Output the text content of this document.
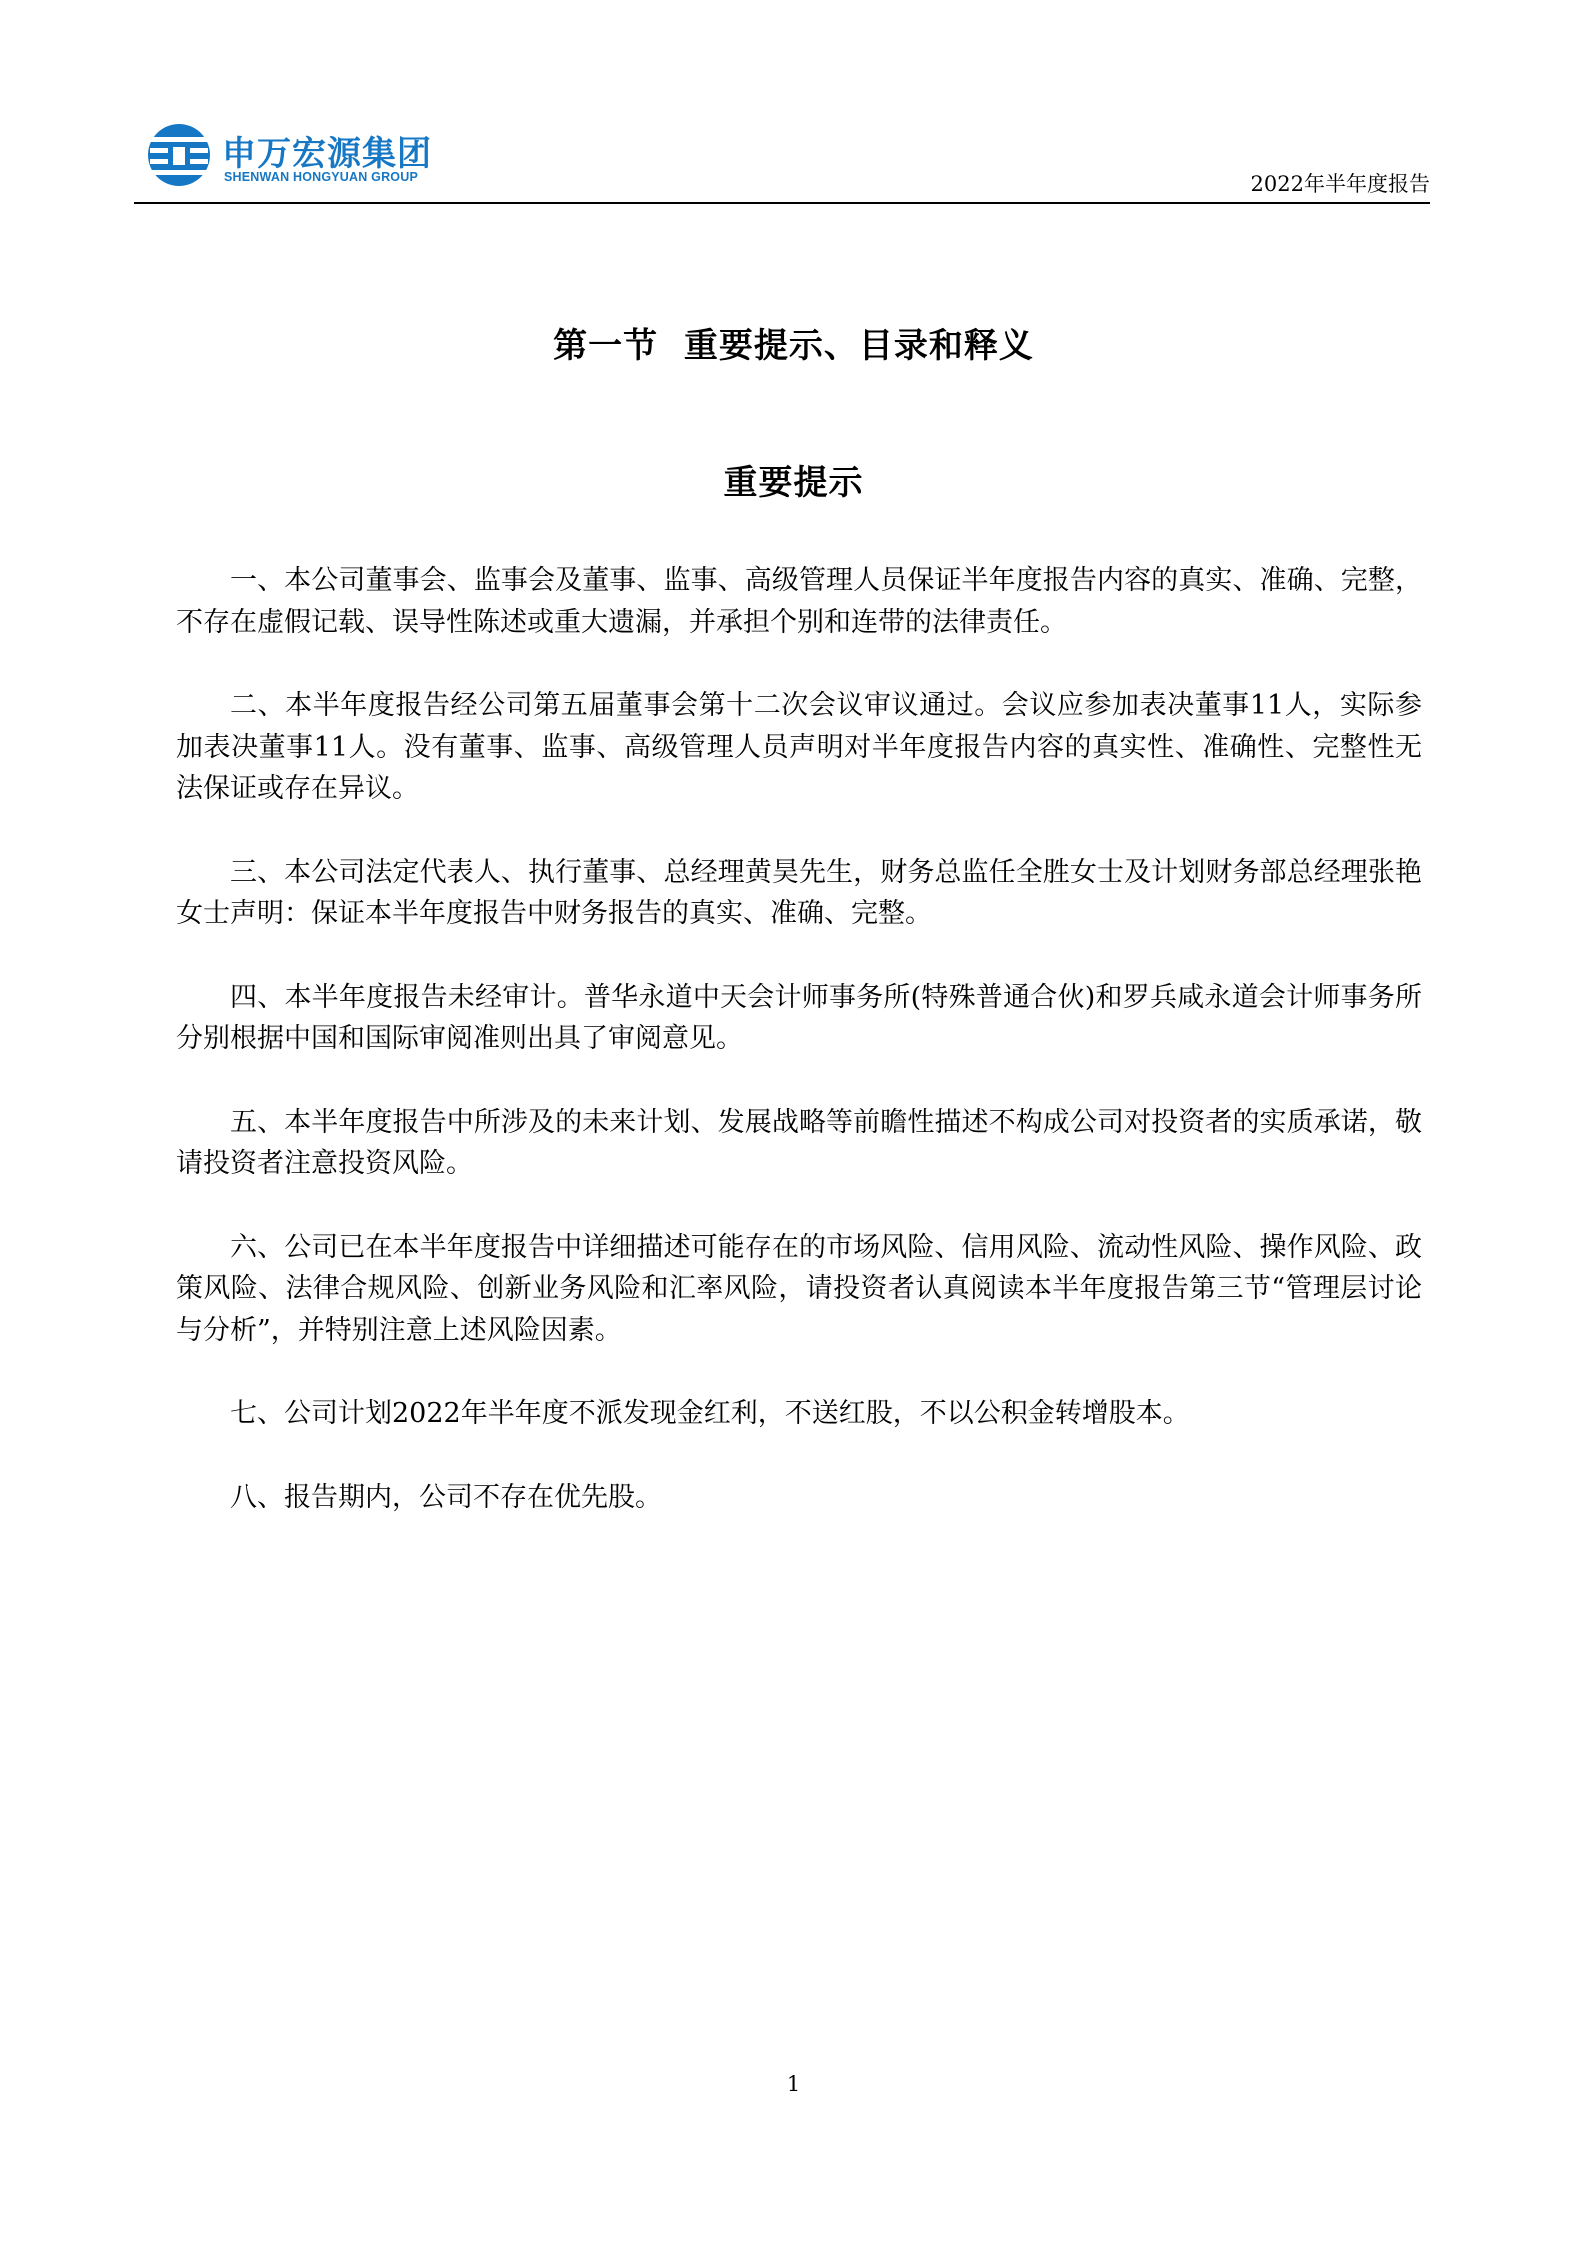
申万宏源集团
SHENWAN HONGYUAN GROUP	2022年半年度报告
第一节  重要提示、目录和释义
重要提示

一、本公司董事会、监事会及董事、监事、高级管理人员保证半年度报告内容的真实、准确、完整，不存在虚假记载、误导性陈述或重大遗漏，并承担个别和连带的法律责任。

二、本半年度报告经公司第五届董事会第十二次会议审议通过。会议应参加表决董事11人，实际参加表决董事11人。没有董事、监事、高级管理人员声明对半年度报告内容的真实性、准确性、完整性无法保证或存在异议。

三、本公司法定代表人、执行董事、总经理黄昊先生，财务总监任全胜女士及计划财务部总经理张艳女士声明：保证本半年度报告中财务报告的真实、准确、完整。

四、本半年度报告未经审计。普华永道中天会计师事务所(特殊普通合伙)和罗兵咸永道会计师事务所分别根据中国和国际审阅准则出具了审阅意见。

五、本半年度报告中所涉及的未来计划、发展战略等前瞻性描述不构成公司对投资者的实质承诺，敬请投资者注意投资风险。

六、公司已在本半年度报告中详细描述可能存在的市场风险、信用风险、流动性风险、操作风险、政策风险、法律合规风险、创新业务风险和汇率风险，请投资者认真阅读本半年度报告第三节“管理层讨论与分析”，并特别注意上述风险因素。

七、公司计划2022年半年度不派发现金红利，不送红股，不以公积金转增股本。

八、报告期内，公司不存在优先股。

1
